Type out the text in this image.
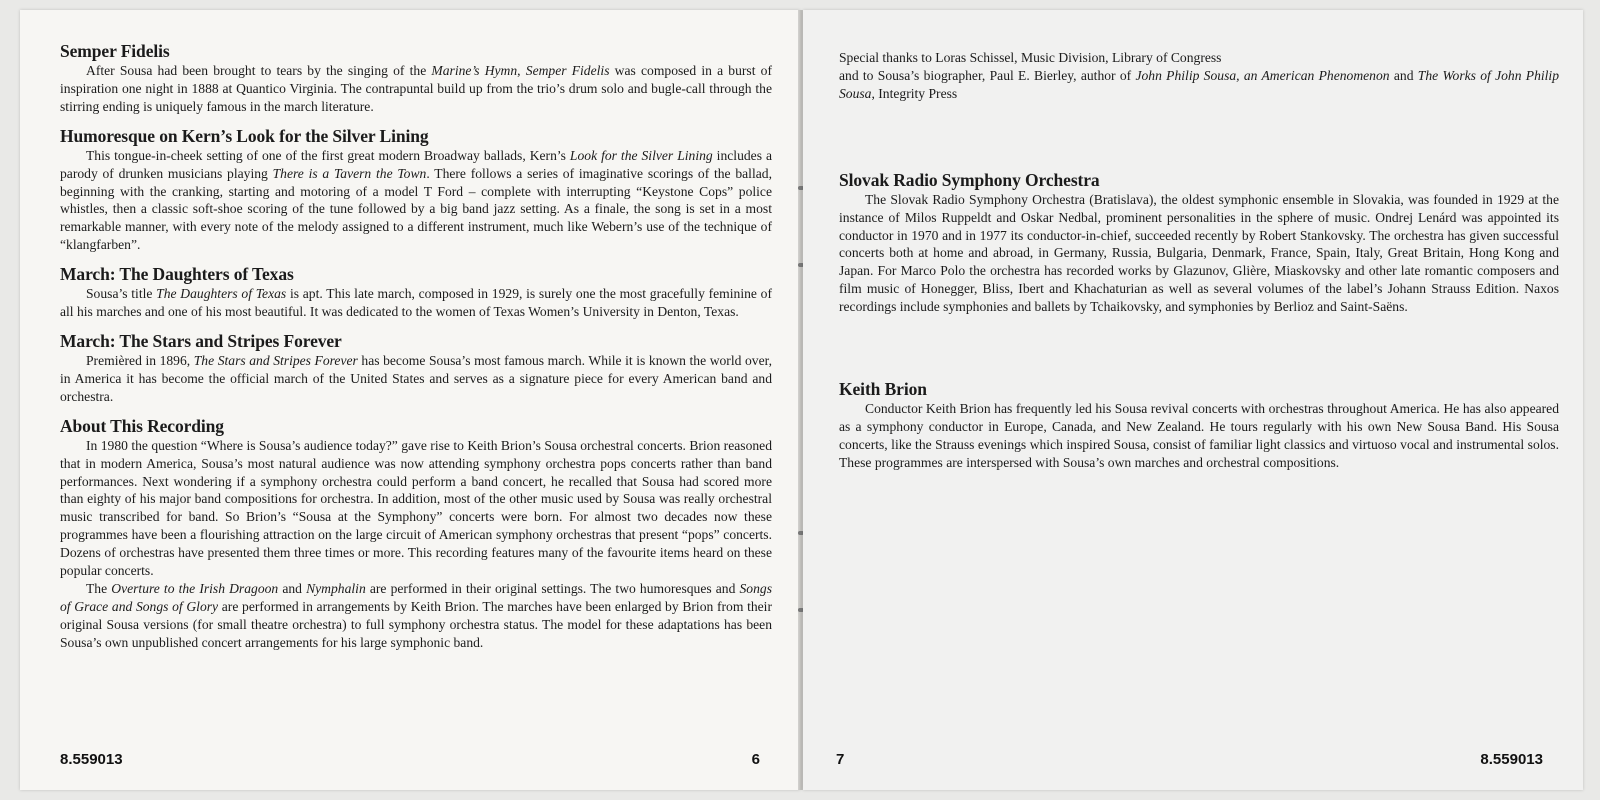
Semper Fidelis

After Sousa had been brought to tears by the singing of the Marine’s Hymn, Semper Fidelis was composed in a burst of inspiration one night in 1888 at Quantico Virginia. The contrapuntal build up from the trio’s drum solo and bugle-call through the stirring ending is uniquely famous in the march literature.

Humoresque on Kern’s Look for the Silver Lining

This tongue-in-cheek setting of one of the first great modern Broadway ballads, Kern’s Look for the Silver Lining includes a parody of drunken musicians playing There is a Tavern the Town. There follows a series of imaginative scorings of the ballad, beginning with the cranking, starting and motoring of a model T Ford – complete with interrupting “Keystone Cops” police whistles, then a classic soft-shoe scoring of the tune followed by a big band jazz setting. As a finale, the song is set in a most remarkable manner, with every note of the melody assigned to a different instrument, much like Webern’s use of the technique of “klangfarben”.

March: The Daughters of Texas

Sousa’s title The Daughters of Texas is apt. This late march, composed in 1929, is surely one the most gracefully feminine of all his marches and one of his most beautiful. It was dedicated to the women of Texas Women’s University in Denton, Texas.

March: The Stars and Stripes Forever

Premièred in 1896, The Stars and Stripes Forever has become Sousa’s most famous march. While it is known the world over, in America it has become the official march of the United States and serves as a signature piece for every American band and orchestra.

About This Recording

In 1980 the question “Where is Sousa’s audience today?” gave rise to Keith Brion’s Sousa orchestral concerts. Brion reasoned that in modern America, Sousa’s most natural audience was now attending symphony orchestra pops concerts rather than band performances. Next wondering if a symphony orchestra could perform a band concert, he recalled that Sousa had scored more than eighty of his major band compositions for orchestra. In addition, most of the other music used by Sousa was really orchestral music transcribed for band. So Brion’s “Sousa at the Symphony” concerts were born. For almost two decades now these programmes have been a flourishing attraction on the large circuit of American symphony orchestras that present “pops” concerts. Dozens of orchestras have presented them three times or more. This recording features many of the favourite items heard on these popular concerts.

The Overture to the Irish Dragoon and Nymphalin are performed in their original settings. The two humoresques and Songs of Grace and Songs of Glory are performed in arrangements by Keith Brion. The marches have been enlarged by Brion from their original Sousa versions (for small theatre orchestra) to full symphony orchestra status. The model for these adaptations has been Sousa’s own unpublished concert arrangements for his large symphonic band.

8.559013	6

Special thanks to Loras Schissel, Music Division, Library of Congress
and to Sousa’s biographer, Paul E. Bierley, author of John Philip Sousa, an American Phenomenon and The Works of John Philip Sousa, Integrity Press

Slovak Radio Symphony Orchestra

The Slovak Radio Symphony Orchestra (Bratislava), the oldest symphonic ensemble in Slovakia, was founded in 1929 at the instance of Milos Ruppeldt and Oskar Nedbal, prominent personalities in the sphere of music. Ondrej Lenárd was appointed its conductor in 1970 and in 1977 its conductor-in-chief, succeeded recently by Robert Stankovsky. The orchestra has given successful concerts both at home and abroad, in Germany, Russia, Bulgaria, Denmark, France, Spain, Italy, Great Britain, Hong Kong and Japan. For Marco Polo the orchestra has recorded works by Glazunov, Glière, Miaskovsky and other late romantic composers and film music of Honegger, Bliss, Ibert and Khachaturian as well as several volumes of the label’s Johann Strauss Edition. Naxos recordings include symphonies and ballets by Tchaikovsky, and symphonies by Berlioz and Saint-Saëns.

Keith Brion

Conductor Keith Brion has frequently led his Sousa revival concerts with orchestras throughout America. He has also appeared as a symphony conductor in Europe, Canada, and New Zealand. He tours regularly with his own New Sousa Band. His Sousa concerts, like the Strauss evenings which inspired Sousa, consist of familiar light classics and virtuoso vocal and instrumental solos. These programmes are interspersed with Sousa’s own marches and orchestral compositions.

7	8.559013
